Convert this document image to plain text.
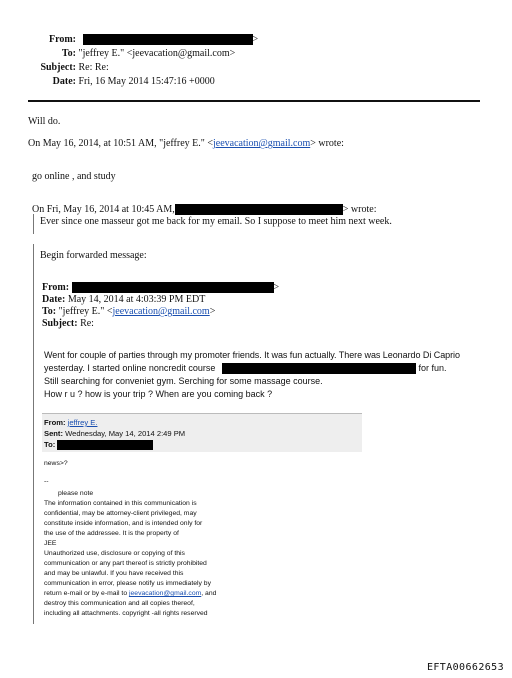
From:	>
To: "jeffrey E." <jeevacation@gmail.com>
Subject: Re: Re:
Date: Fri, 16 May 2014 15:47:16 +0000
Will do.
On May 16, 2014, at 10:51 AM, "jeffrey E." <jeevacation@gmail.com> wrote:
go online , and study
On Fri, May 16, 2014 at 10:45 AM,	> wrote:
Ever since one masseur got me back for my email. So I suppose to meet him next week.
Begin forwarded message:
From:	>
Date: May 14, 2014 at 4:03:39 PM EDT
To: "jeffrey E." <jeevacation@gmail.com>
Subject: Re:
Went for couple of parties through my promoter friends. It was fun actually. There was Leonardo Di Caprio
yesterday. I started online noncredit course	for fun.
Still searching for conveniet gym. Serching for some massage course.
How r u ? how is your trip ? When are you coming back ?
From: jeffrey E.
Sent: Wednesday, May 14, 2014 2:49 PM
To:
news>?
--
please note
The information contained in this communication is
confidential, may be attorney-client privileged, may
constitute inside information, and is intended only for
the use of the addressee. It is the property of
JEE
Unauthorized use, disclosure or copying of this
communication or any part thereof is strictly prohibited
and may be unlawful. If you have received this
communication in error, please notify us immediately by
return e-mail or by e-mail to jeevacation@gmail.com, and
destroy this communication and all copies thereof,
including all attachments. copyright -all rights reserved
EFTA00662653
